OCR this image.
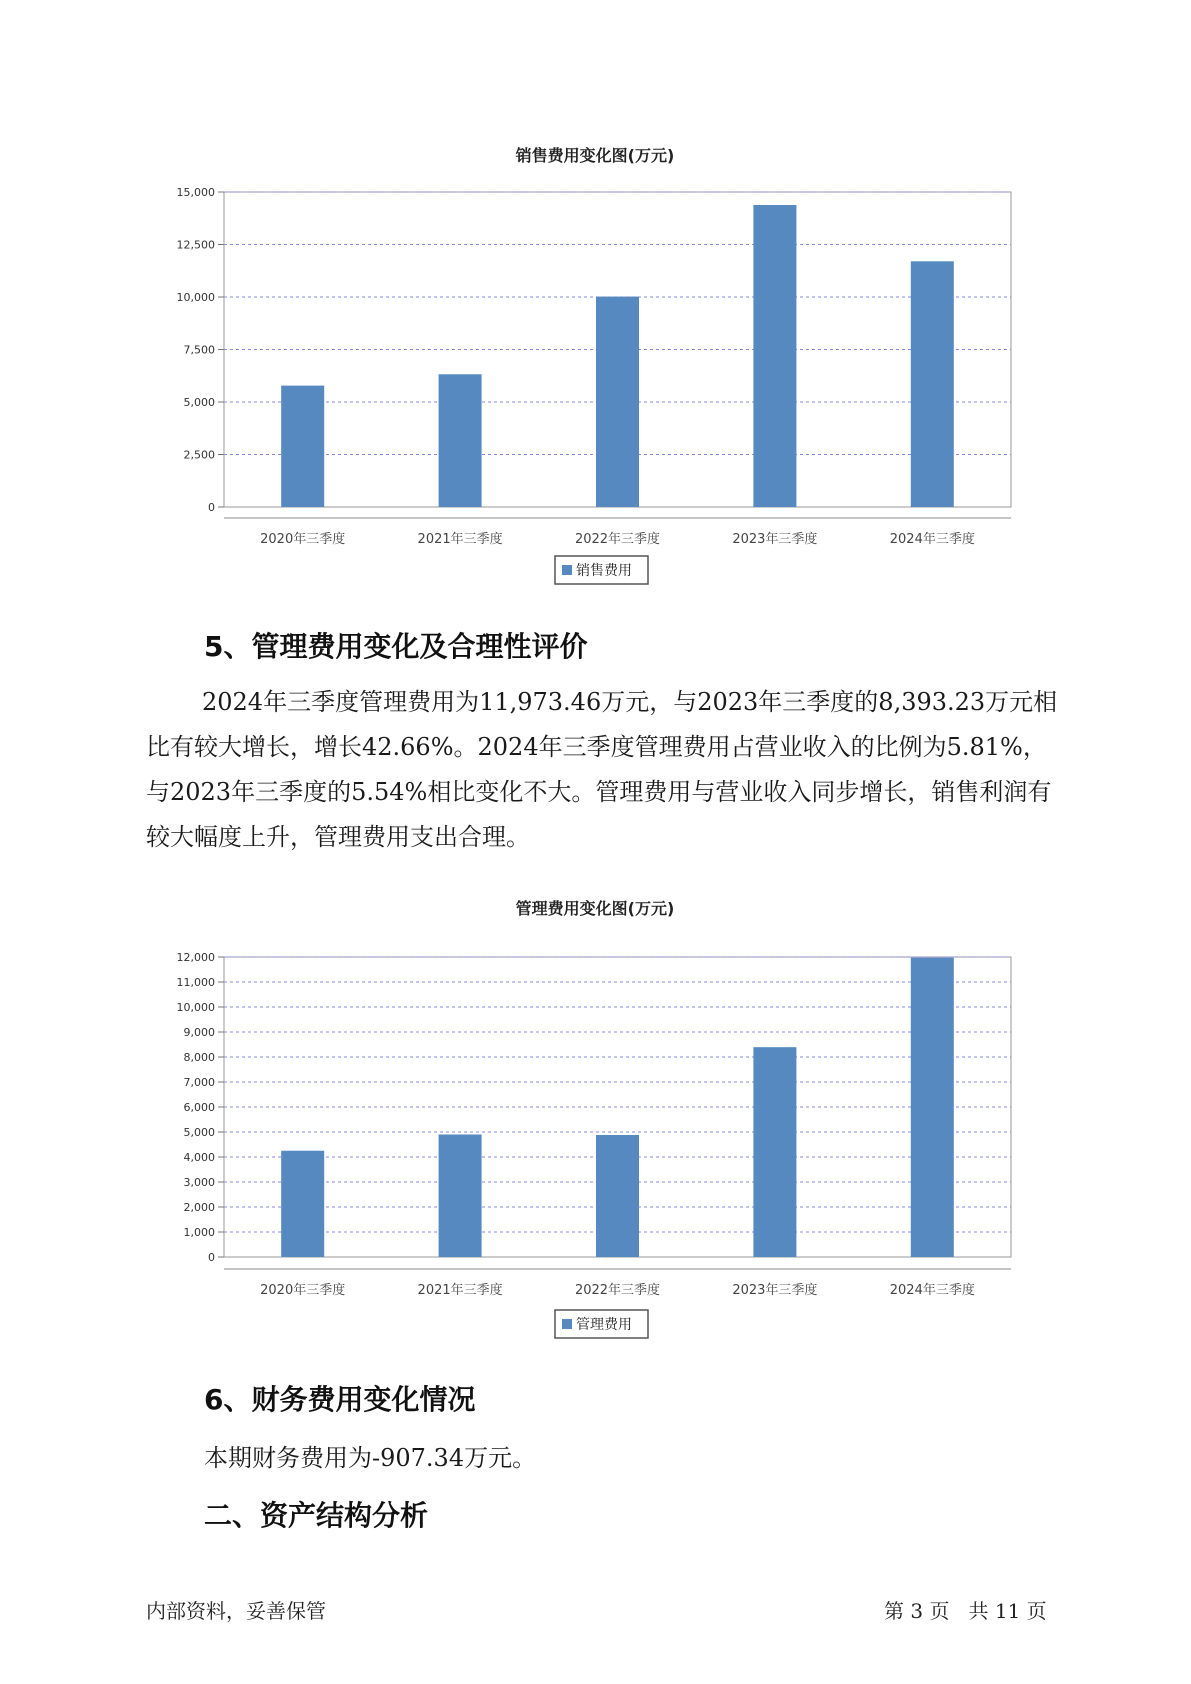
销售费用变化图(万元)
0
2,500
5,000
7,500
10,000
12,500
15,000
2020年三季度	2021年三季度	2022年三季度	2023年三季度	2024年三季度
销售费用
5、管理费用变化及合理性评价

2024年三季度管理费用为11,973.46万元，与2023年三季度的8,393.23万元相比有较大增长，增长42.66%。2024年三季度管理费用占营业收入的比例为5.81%，与2023年三季度的5.54%相比变化不大。管理费用与营业收入同步增长，销售利润有较大幅度上升，管理费用支出合理。

管理费用变化图(万元)
0
1,000
2,000
3,000
4,000
5,000
6,000
7,000
8,000
9,000
10,000
11,000
12,000
2020年三季度	2021年三季度	2022年三季度	2023年三季度	2024年三季度
管理费用
6、财务费用变化情况

本期财务费用为-907.34万元。

二、资产结构分析

内部资料，妥善保管	第 3 页   共 11 页
